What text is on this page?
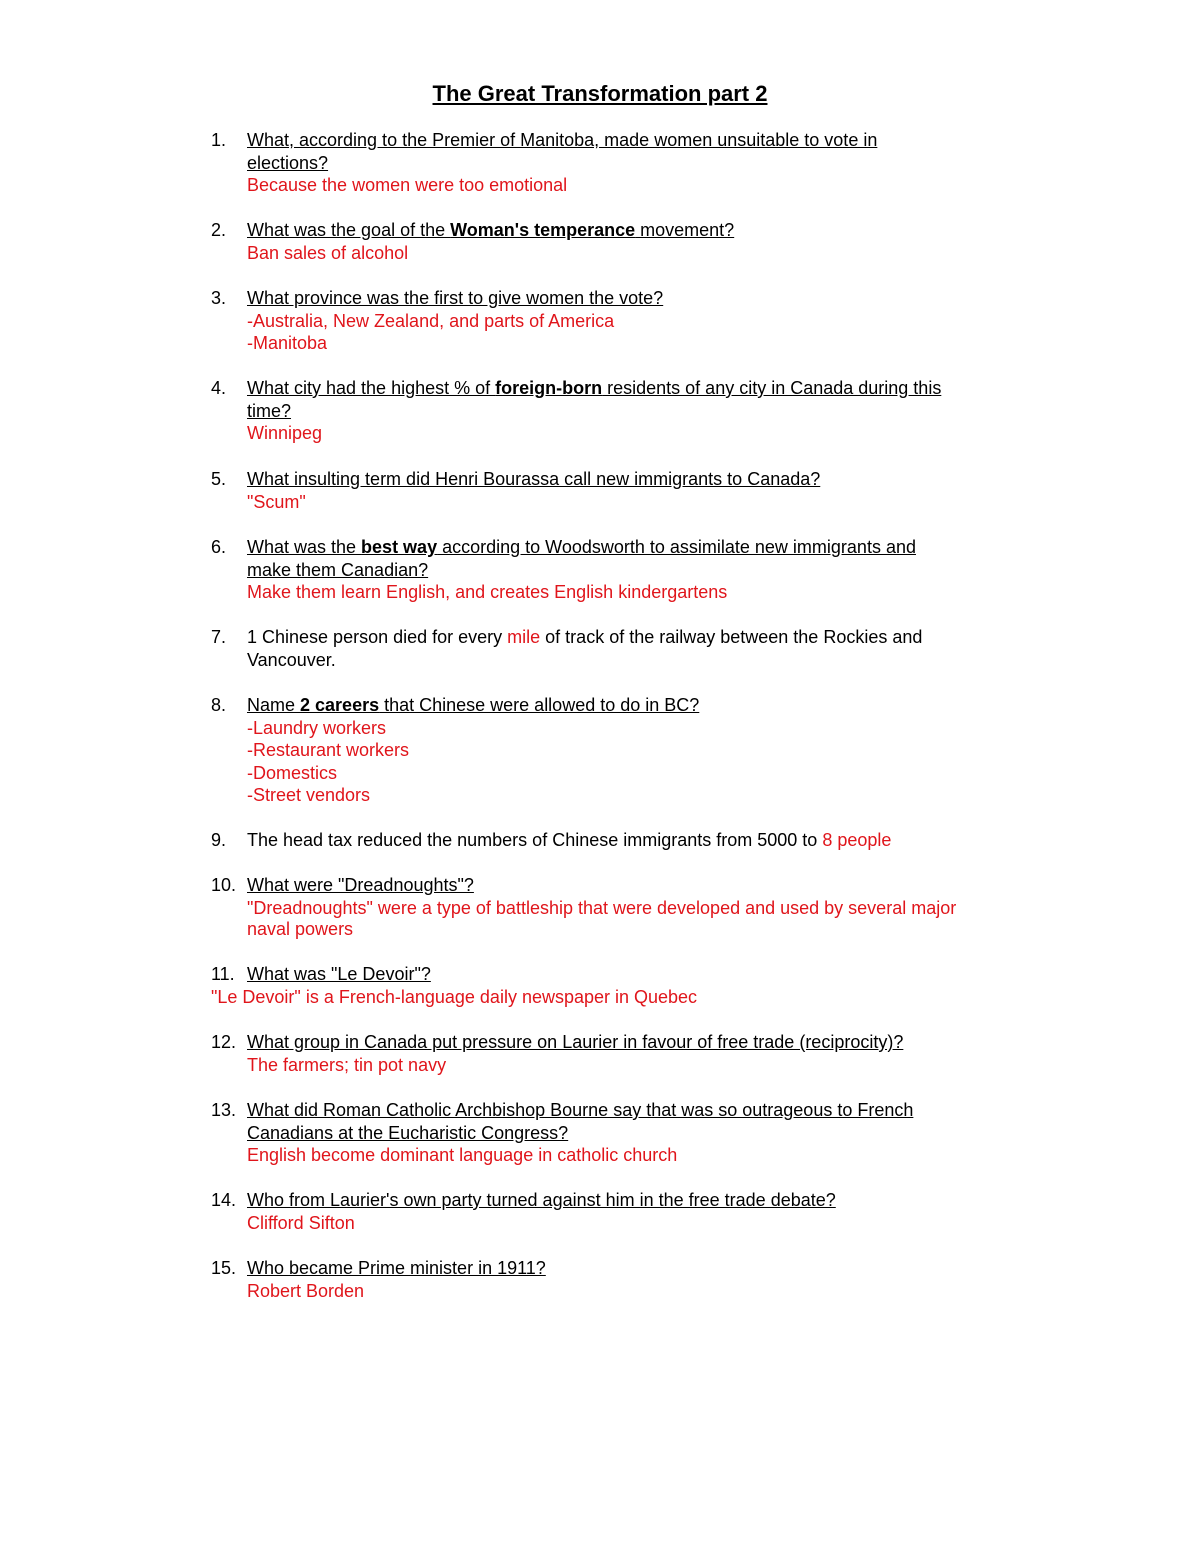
The Great Transformation part 2
1. What, according to the Premier of Manitoba, made women unsuitable to vote in
elections?
Because the women were too emotional
2. What was the goal of the Woman's temperance movement?
Ban sales of alcohol
3. What province was the first to give women the vote?
-Australia, New Zealand, and parts of America
-Manitoba
4. What city had the highest % of foreign-born residents of any city in Canada during this
time?
Winnipeg
5. What insulting term did Henri Bourassa call new immigrants to Canada?
"Scum"
6. What was the best way according to Woodsworth to assimilate new immigrants and
make them Canadian?
Make them learn English, and creates English kindergartens
7. 1 Chinese person died for every mile of track of the railway between the Rockies and
Vancouver.
8. Name 2 careers that Chinese were allowed to do in BC?
-Laundry workers
-Restaurant workers
-Domestics
-Street vendors
9. The head tax reduced the numbers of Chinese immigrants from 5000 to 8 people
10. What were "Dreadnoughts"?
"Dreadnoughts" were a type of battleship that were developed and used by several major
naval powers
11. What was "Le Devoir"?
"Le Devoir" is a French-language daily newspaper in Quebec
12. What group in Canada put pressure on Laurier in favour of free trade (reciprocity)?
The farmers; tin pot navy
13. What did Roman Catholic Archbishop Bourne say that was so outrageous to French
Canadians at the Eucharistic Congress?
English become dominant language in catholic church
14. Who from Laurier's own party turned against him in the free trade debate?
Clifford Sifton
15. Who became Prime minister in 1911?
Robert Borden
